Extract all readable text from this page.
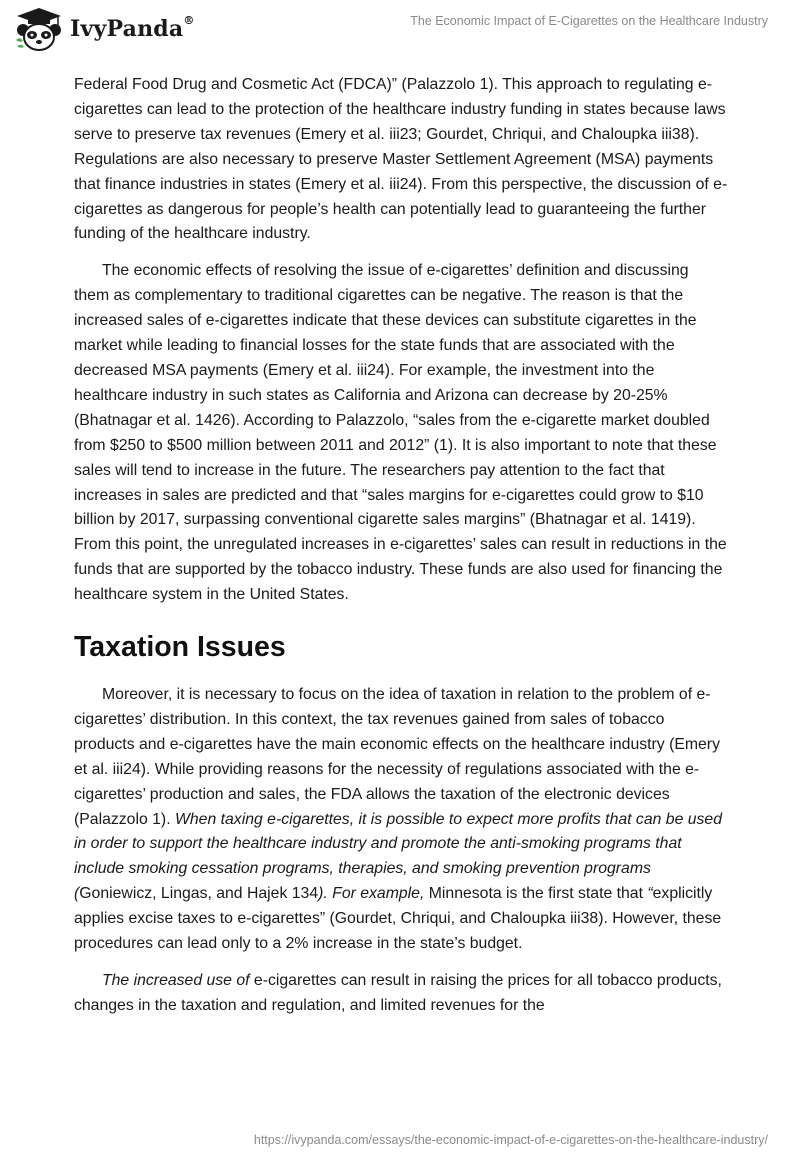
IvyPanda®	The Economic Impact of E-Cigarettes on the Healthcare Industry

Federal Food Drug and Cosmetic Act (FDCA)” (Palazzolo 1). This approach to regulating e-cigarettes can lead to the protection of the healthcare industry funding in states because laws serve to preserve tax revenues (Emery et al. iii23; Gourdet, Chriqui, and Chaloupka iii38). Regulations are also necessary to preserve Master Settlement Agreement (MSA) payments that finance industries in states (Emery et al. iii24). From this perspective, the discussion of e-cigarettes as dangerous for people’s health can potentially lead to guaranteeing the further funding of the healthcare industry.

The economic effects of resolving the issue of e-cigarettes’ definition and discussing them as complementary to traditional cigarettes can be negative. The reason is that the increased sales of e-cigarettes indicate that these devices can substitute cigarettes in the market while leading to financial losses for the state funds that are associated with the decreased MSA payments (Emery et al. iii24). For example, the investment into the healthcare industry in such states as California and Arizona can decrease by 20-25% (Bhatnagar et al. 1426). According to Palazzolo, “sales from the e-cigarette market doubled from $250 to $500 million between 2011 and 2012” (1). It is also important to note that these sales will tend to increase in the future. The researchers pay attention to the fact that increases in sales are predicted and that “sales margins for e-cigarettes could grow to $10 billion by 2017, surpassing conventional cigarette sales margins” (Bhatnagar et al. 1419). From this point, the unregulated increases in e-cigarettes’ sales can result in reductions in the funds that are supported by the tobacco industry. These funds are also used for financing the healthcare system in the United States.

Taxation Issues

Moreover, it is necessary to focus on the idea of taxation in relation to the problem of e-cigarettes’ distribution. In this context, the tax revenues gained from sales of tobacco products and e-cigarettes have the main economic effects on the healthcare industry (Emery et al. iii24). While providing reasons for the necessity of regulations associated with the e-cigarettes’ production and sales, the FDA allows the taxation of the electronic devices (Palazzolo 1). When taxing e-cigarettes, it is possible to expect more profits that can be used in order to support the healthcare industry and promote the anti-smoking programs that include smoking cessation programs, therapies, and smoking prevention programs (Goniewicz, Lingas, and Hajek 134). For example, Minnesota is the first state that “explicitly applies excise taxes to e-cigarettes” (Gourdet, Chriqui, and Chaloupka iii38). However, these procedures can lead only to a 2% increase in the state’s budget.

The increased use of e-cigarettes can result in raising the prices for all tobacco products, changes in the taxation and regulation, and limited revenues for the

https://ivypanda.com/essays/the-economic-impact-of-e-cigarettes-on-the-healthcare-industry/
